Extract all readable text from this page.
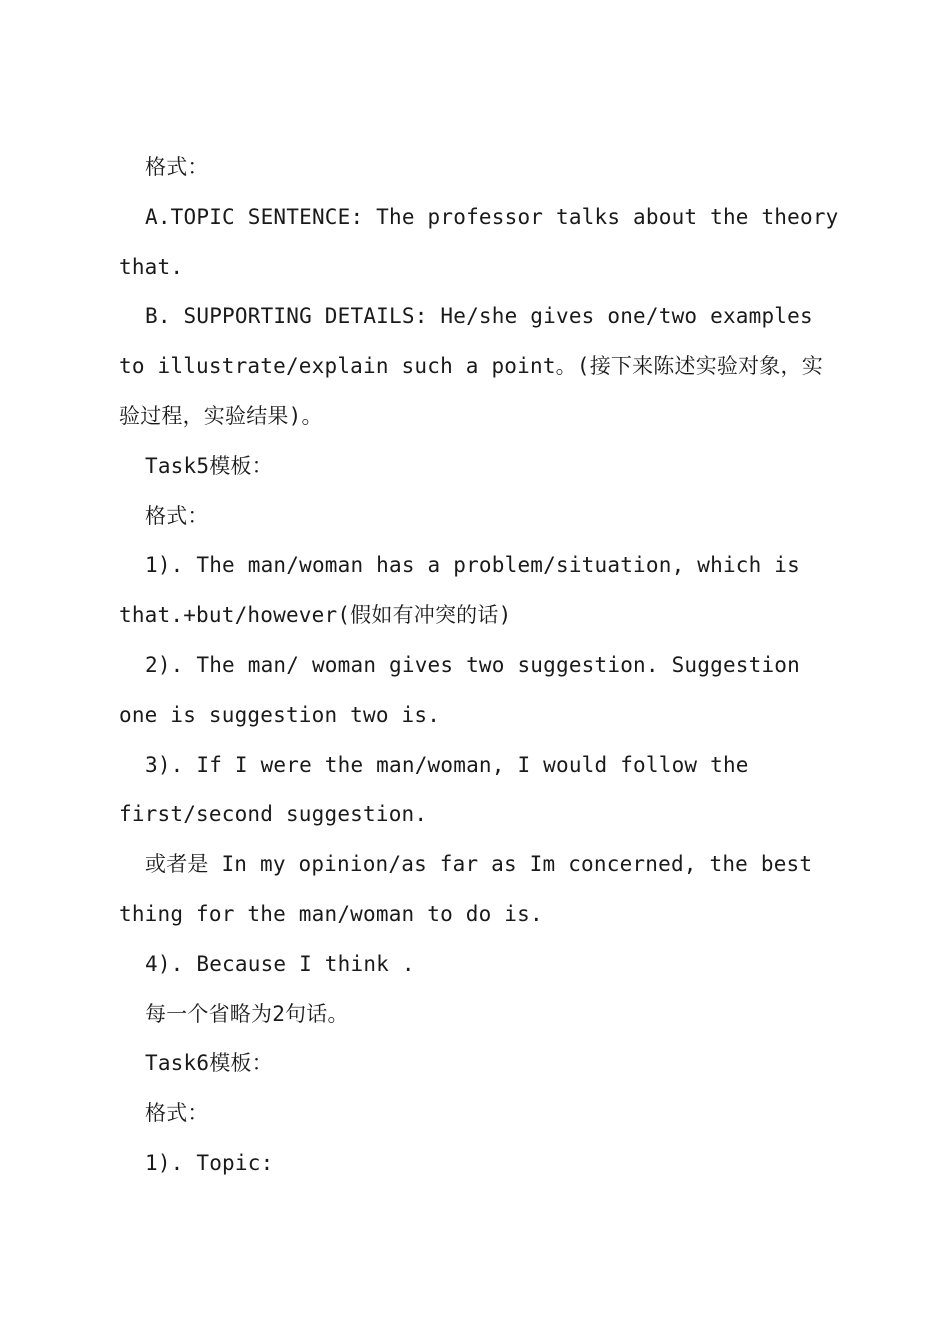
格式：

A.TOPIC SENTENCE: The professor talks about the theory that.

B. SUPPORTING DETAILS: He/she gives one/two examples to illustrate/explain such a point。(接下来陈述实验对象，实验过程，实验结果)。

Task5模板：

格式：

1). The man/woman has a problem/situation, which is that.+but/however(假如有冲突的话)

2). The man/ woman gives two suggestion. Suggestion one is suggestion two is.

3). If I were the man/woman, I would follow the first/second suggestion.

或者是 In my opinion/as far as Im concerned, the best thing for the man/woman to do is.

4). Because I think .

每一个省略为2句话。

Task6模板：

格式：

1). Topic:
